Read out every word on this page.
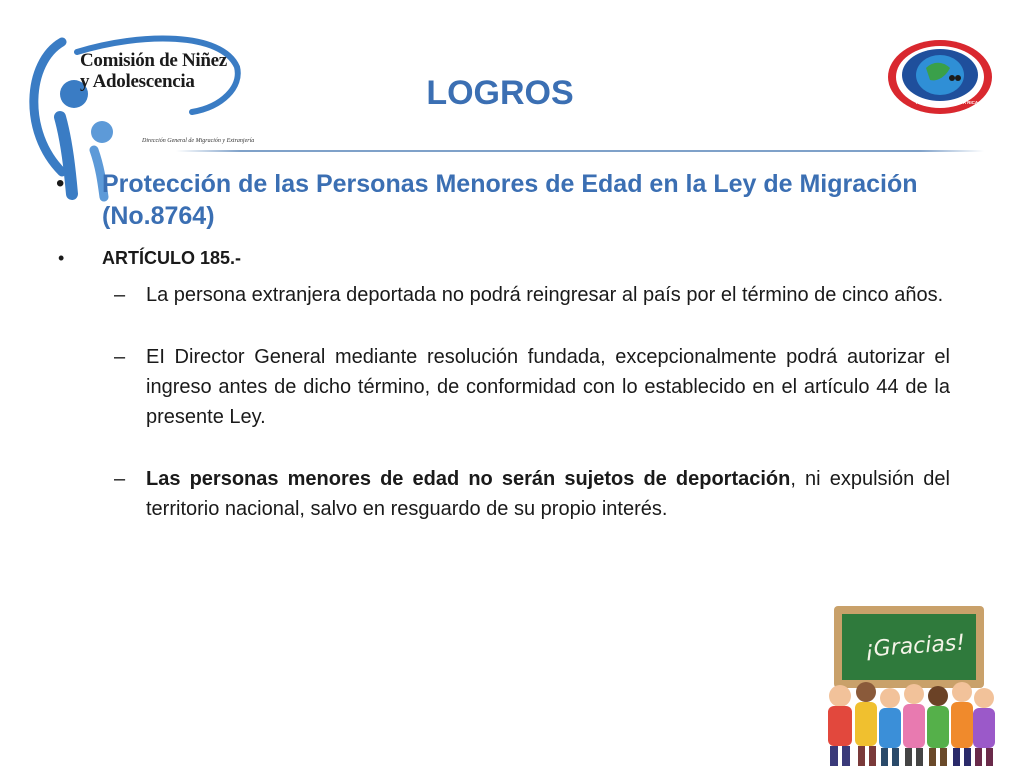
Comisión de Niñez
y Adolescencia
Dirección General de Migración y Extranjería
LOGROS	REPÚBLICA DE COSTA RICA
• Protección de las Personas Menores de Edad en la Ley de Migración (No.8764)
• ARTÍCULO 185.-
– La persona extranjera deportada no podrá reingresar al país por el término de cinco años.
– EI Director General mediante resolución fundada, excepcionalmente podrá autorizar el ingreso antes de dicho término, de conformidad con lo establecido en el artículo 44 de la presente Ley.
– Las personas menores de edad no serán sujetos de deportación, ni expulsión del territorio nacional, salvo en resguardo de su propio interés.
¡Gracias!
